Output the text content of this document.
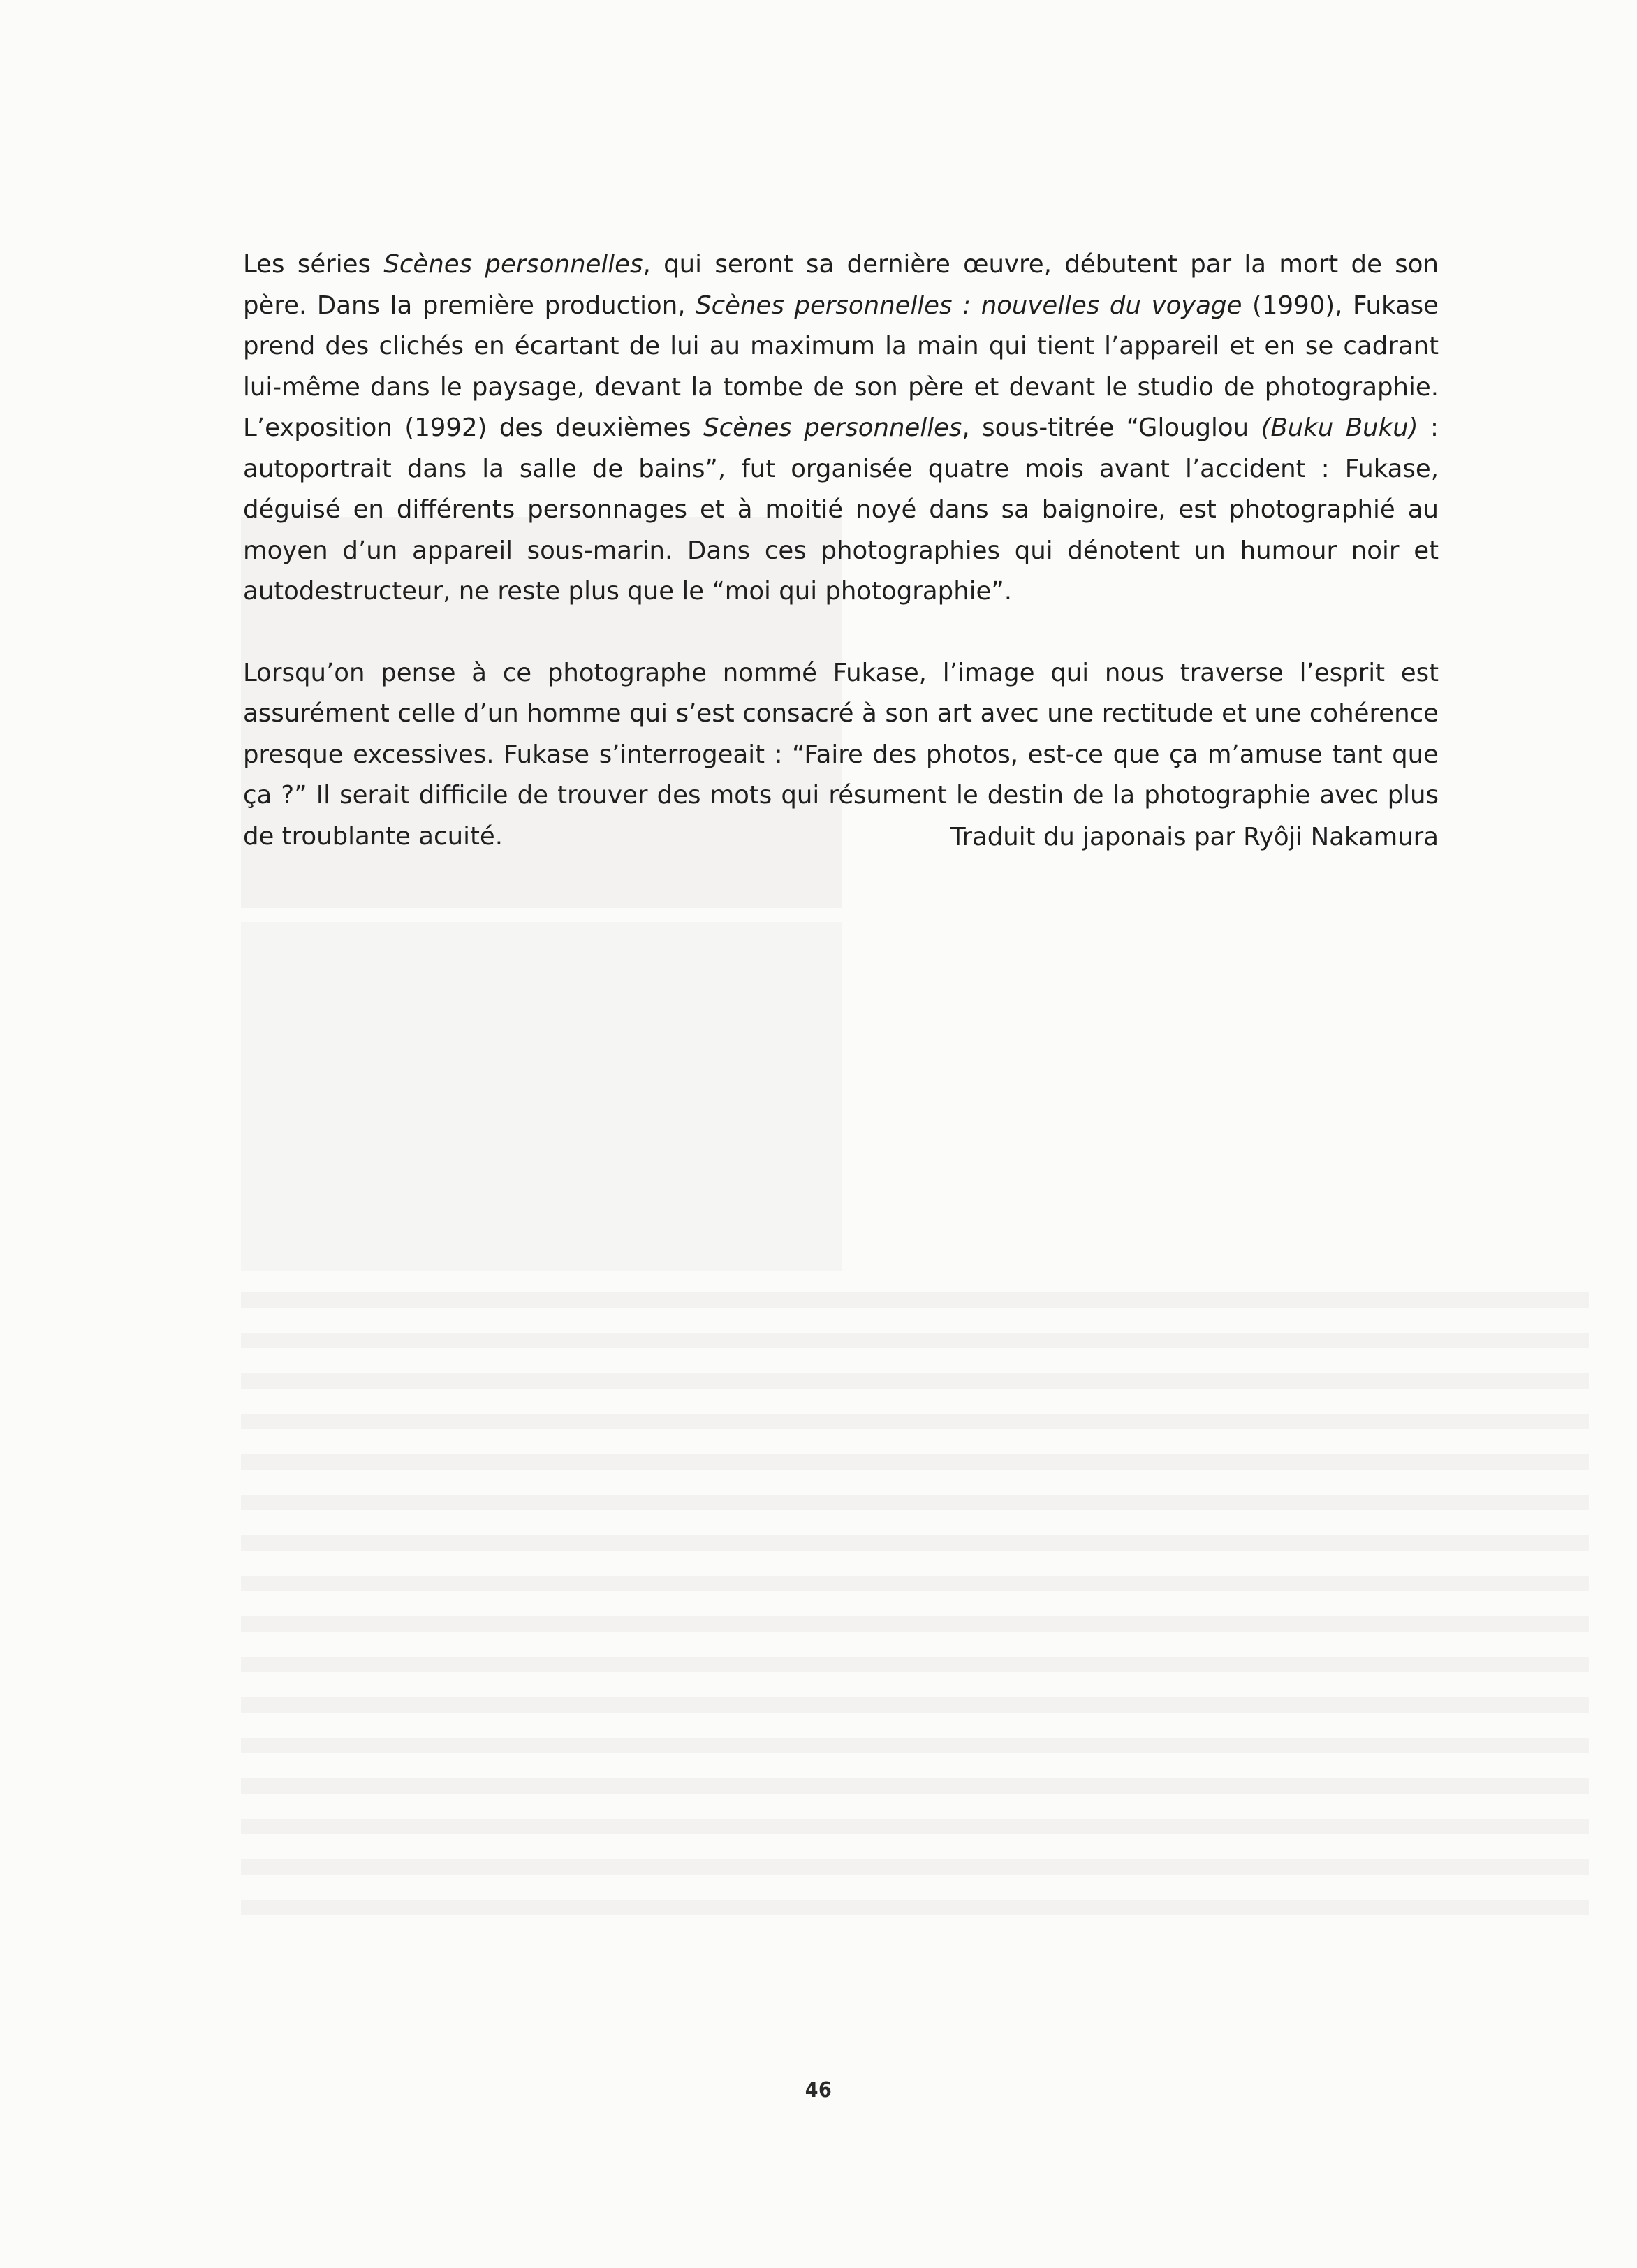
Les séries Scènes personnelles, qui seront sa dernière œuvre, débutent par la mort de son père. Dans la première production, Scènes personnelles : nouvelles du voyage (1990), Fukase prend des clichés en écartant de lui au maximum la main qui tient l’appareil et en se cadrant lui-même dans le paysage, devant la tombe de son père et devant le studio de photographie. L’exposition (1992) des deuxièmes Scènes personnelles, sous-titrée “Glouglou (Buku Buku) : autoportrait dans la salle de bains”, fut organisée quatre mois avant l’accident : Fukase, déguisé en différents personnages et à moitié noyé dans sa baignoire, est photographié au moyen d’un appareil sous-marin. Dans ces photographies qui dénotent un humour noir et autodestructeur, ne reste plus que le “moi qui photographie”.

Lorsqu’on pense à ce photographe nommé Fukase, l’image qui nous traverse l’esprit est assurément celle d’un homme qui s’est consacré à son art avec une rectitude et une cohérence presque excessives. Fukase s’interrogeait : “Faire des photos, est-ce que ça m’amuse tant que ça ?” Il serait difficile de trouver des mots qui résument le destin de la photographie avec plus de troublante acuité.	Traduit du japonais par Ryôji Nakamura
46
